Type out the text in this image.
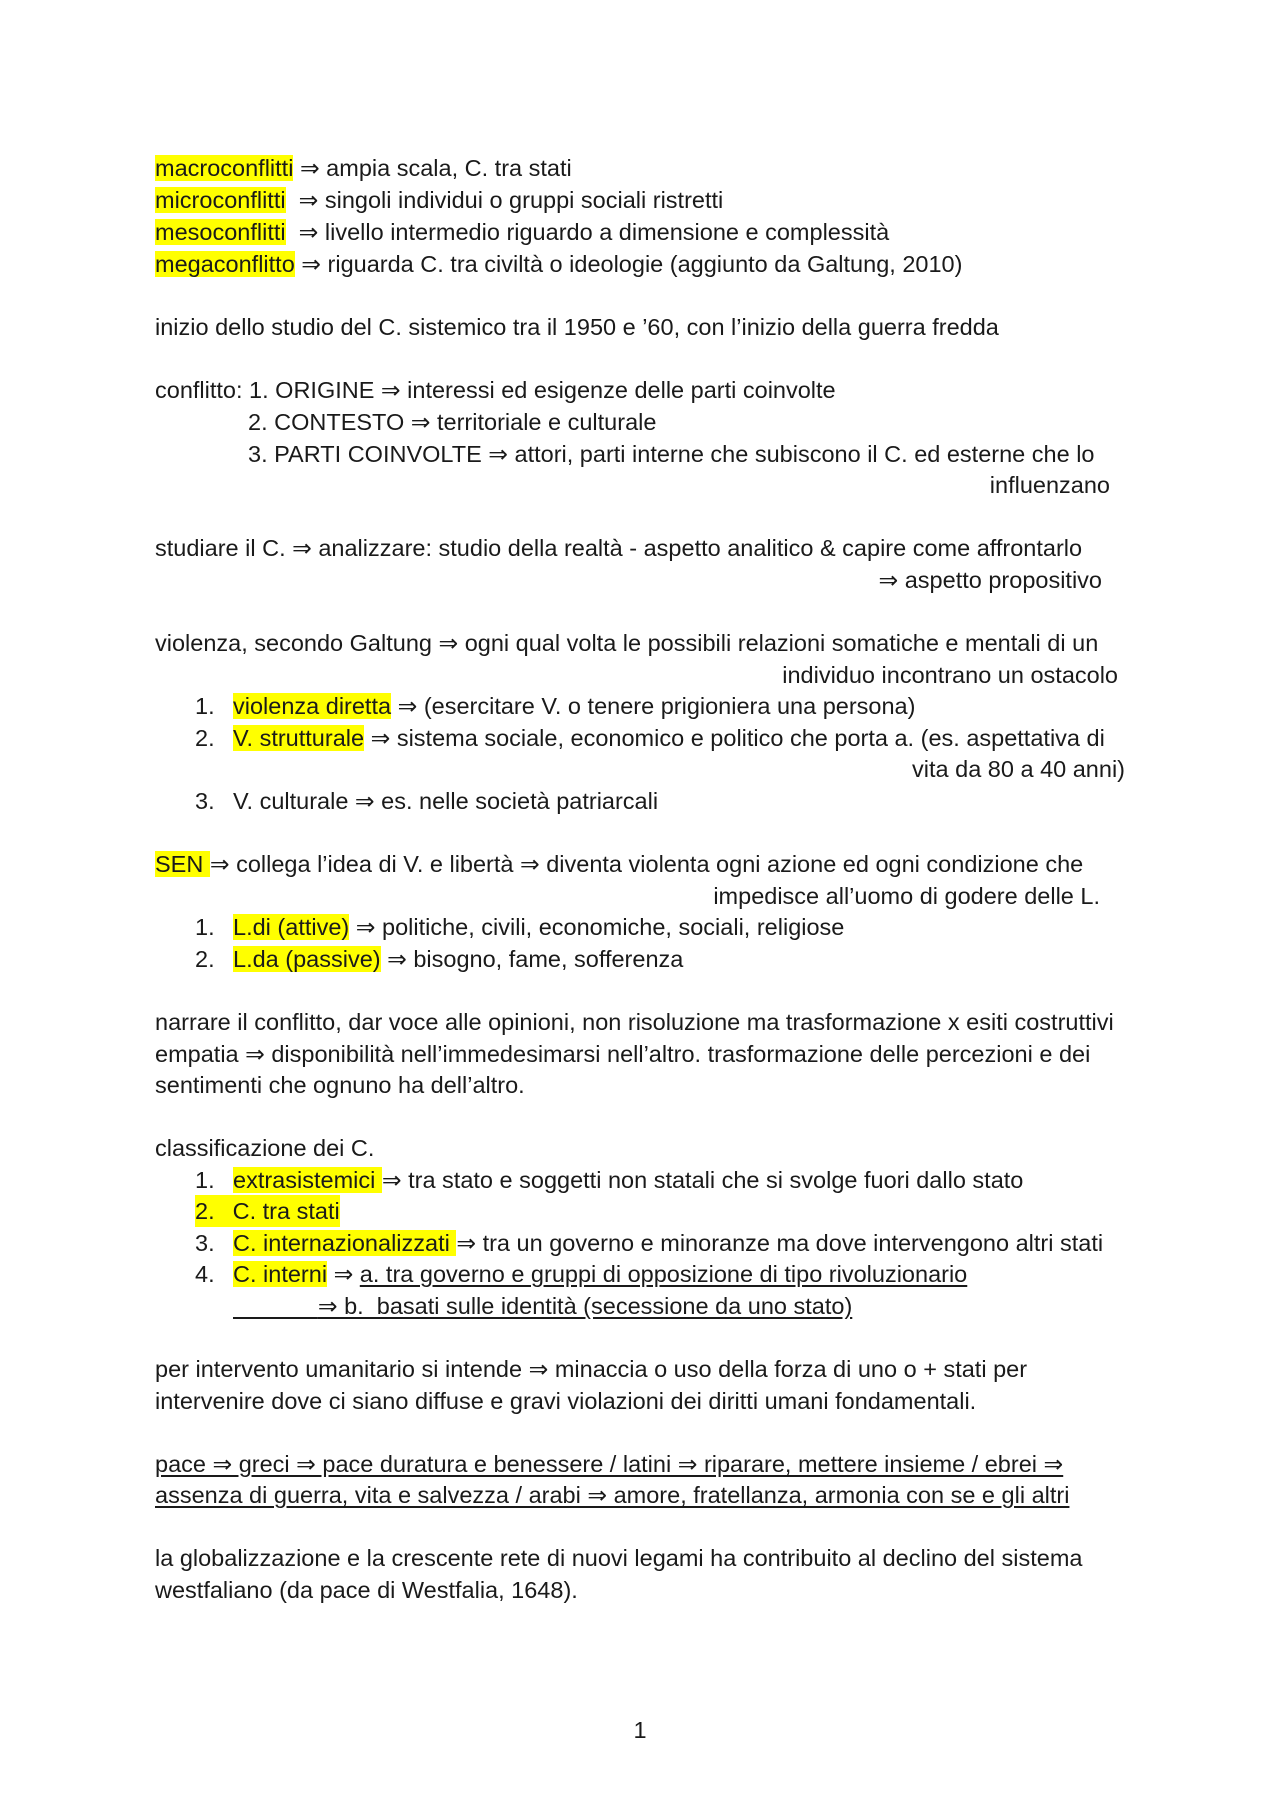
macroconflitti ⇒ ampia scala, C. tra stati
microconflitti  ⇒ singoli individui o gruppi sociali ristretti
mesoconflitti  ⇒ livello intermedio riguardo a dimensione e complessità
megaconflitto ⇒ riguarda C. tra civiltà o ideologie (aggiunto da Galtung, 2010)
inizio dello studio del C. sistemico tra il 1950 e ’60, con l’inizio della guerra fredda
conflitto: 1. ORIGINE ⇒ interessi ed esigenze delle parti coinvolte
2. CONTESTO ⇒ territoriale e culturale
3. PARTI COINVOLTE ⇒ attori, parti interne che subiscono il C. ed esterne che lo
influenzano
studiare il C. ⇒ analizzare: studio della realtà - aspetto analitico & capire come affrontarlo
⇒ aspetto propositivo
violenza, secondo Galtung ⇒ ogni qual volta le possibili relazioni somatiche e mentali di un
individuo incontrano un ostacolo
1. violenza diretta ⇒ (esercitare V. o tenere prigioniera una persona)
2. V. strutturale ⇒ sistema sociale, economico e politico che porta a. (es. aspettativa di
vita da 80 a 40 anni)
3. V. culturale ⇒ es. nelle società patriarcali
SEN ⇒ collega l’idea di V. e libertà ⇒ diventa violenta ogni azione ed ogni condizione che
impedisce all’uomo di godere delle L.
1. L.di (attive) ⇒ politiche, civili, economiche, sociali, religiose
2. L.da (passive) ⇒ bisogno, fame, sofferenza
narrare il conflitto, dar voce alle opinioni, non risoluzione ma trasformazione x esiti costruttivi
empatia ⇒ disponibilità nell’immedesimarsi nell’altro. trasformazione delle percezioni e dei
sentimenti che ognuno ha dell’altro.
classificazione dei C.
1. extrasistemici ⇒ tra stato e soggetti non statali che si svolge fuori dallo stato
2. C. tra stati
3. C. internazionalizzati ⇒ tra un governo e minoranze ma dove intervengono altri stati
4. C. interni ⇒ a. tra governo e gruppi di opposizione di tipo rivoluzionario
⇒ b.  basati sulle identità (secessione da uno stato)
per intervento umanitario si intende ⇒ minaccia o uso della forza di uno o + stati per
intervenire dove ci siano diffuse e gravi violazioni dei diritti umani fondamentali.
pace ⇒ greci ⇒ pace duratura e benessere / latini ⇒ riparare, mettere insieme / ebrei ⇒
assenza di guerra, vita e salvezza / arabi ⇒ amore, fratellanza, armonia con se e gli altri
la globalizzazione e la crescente rete di nuovi legami ha contribuito al declino del sistema
westfaliano (da pace di Westfalia, 1648).
1
